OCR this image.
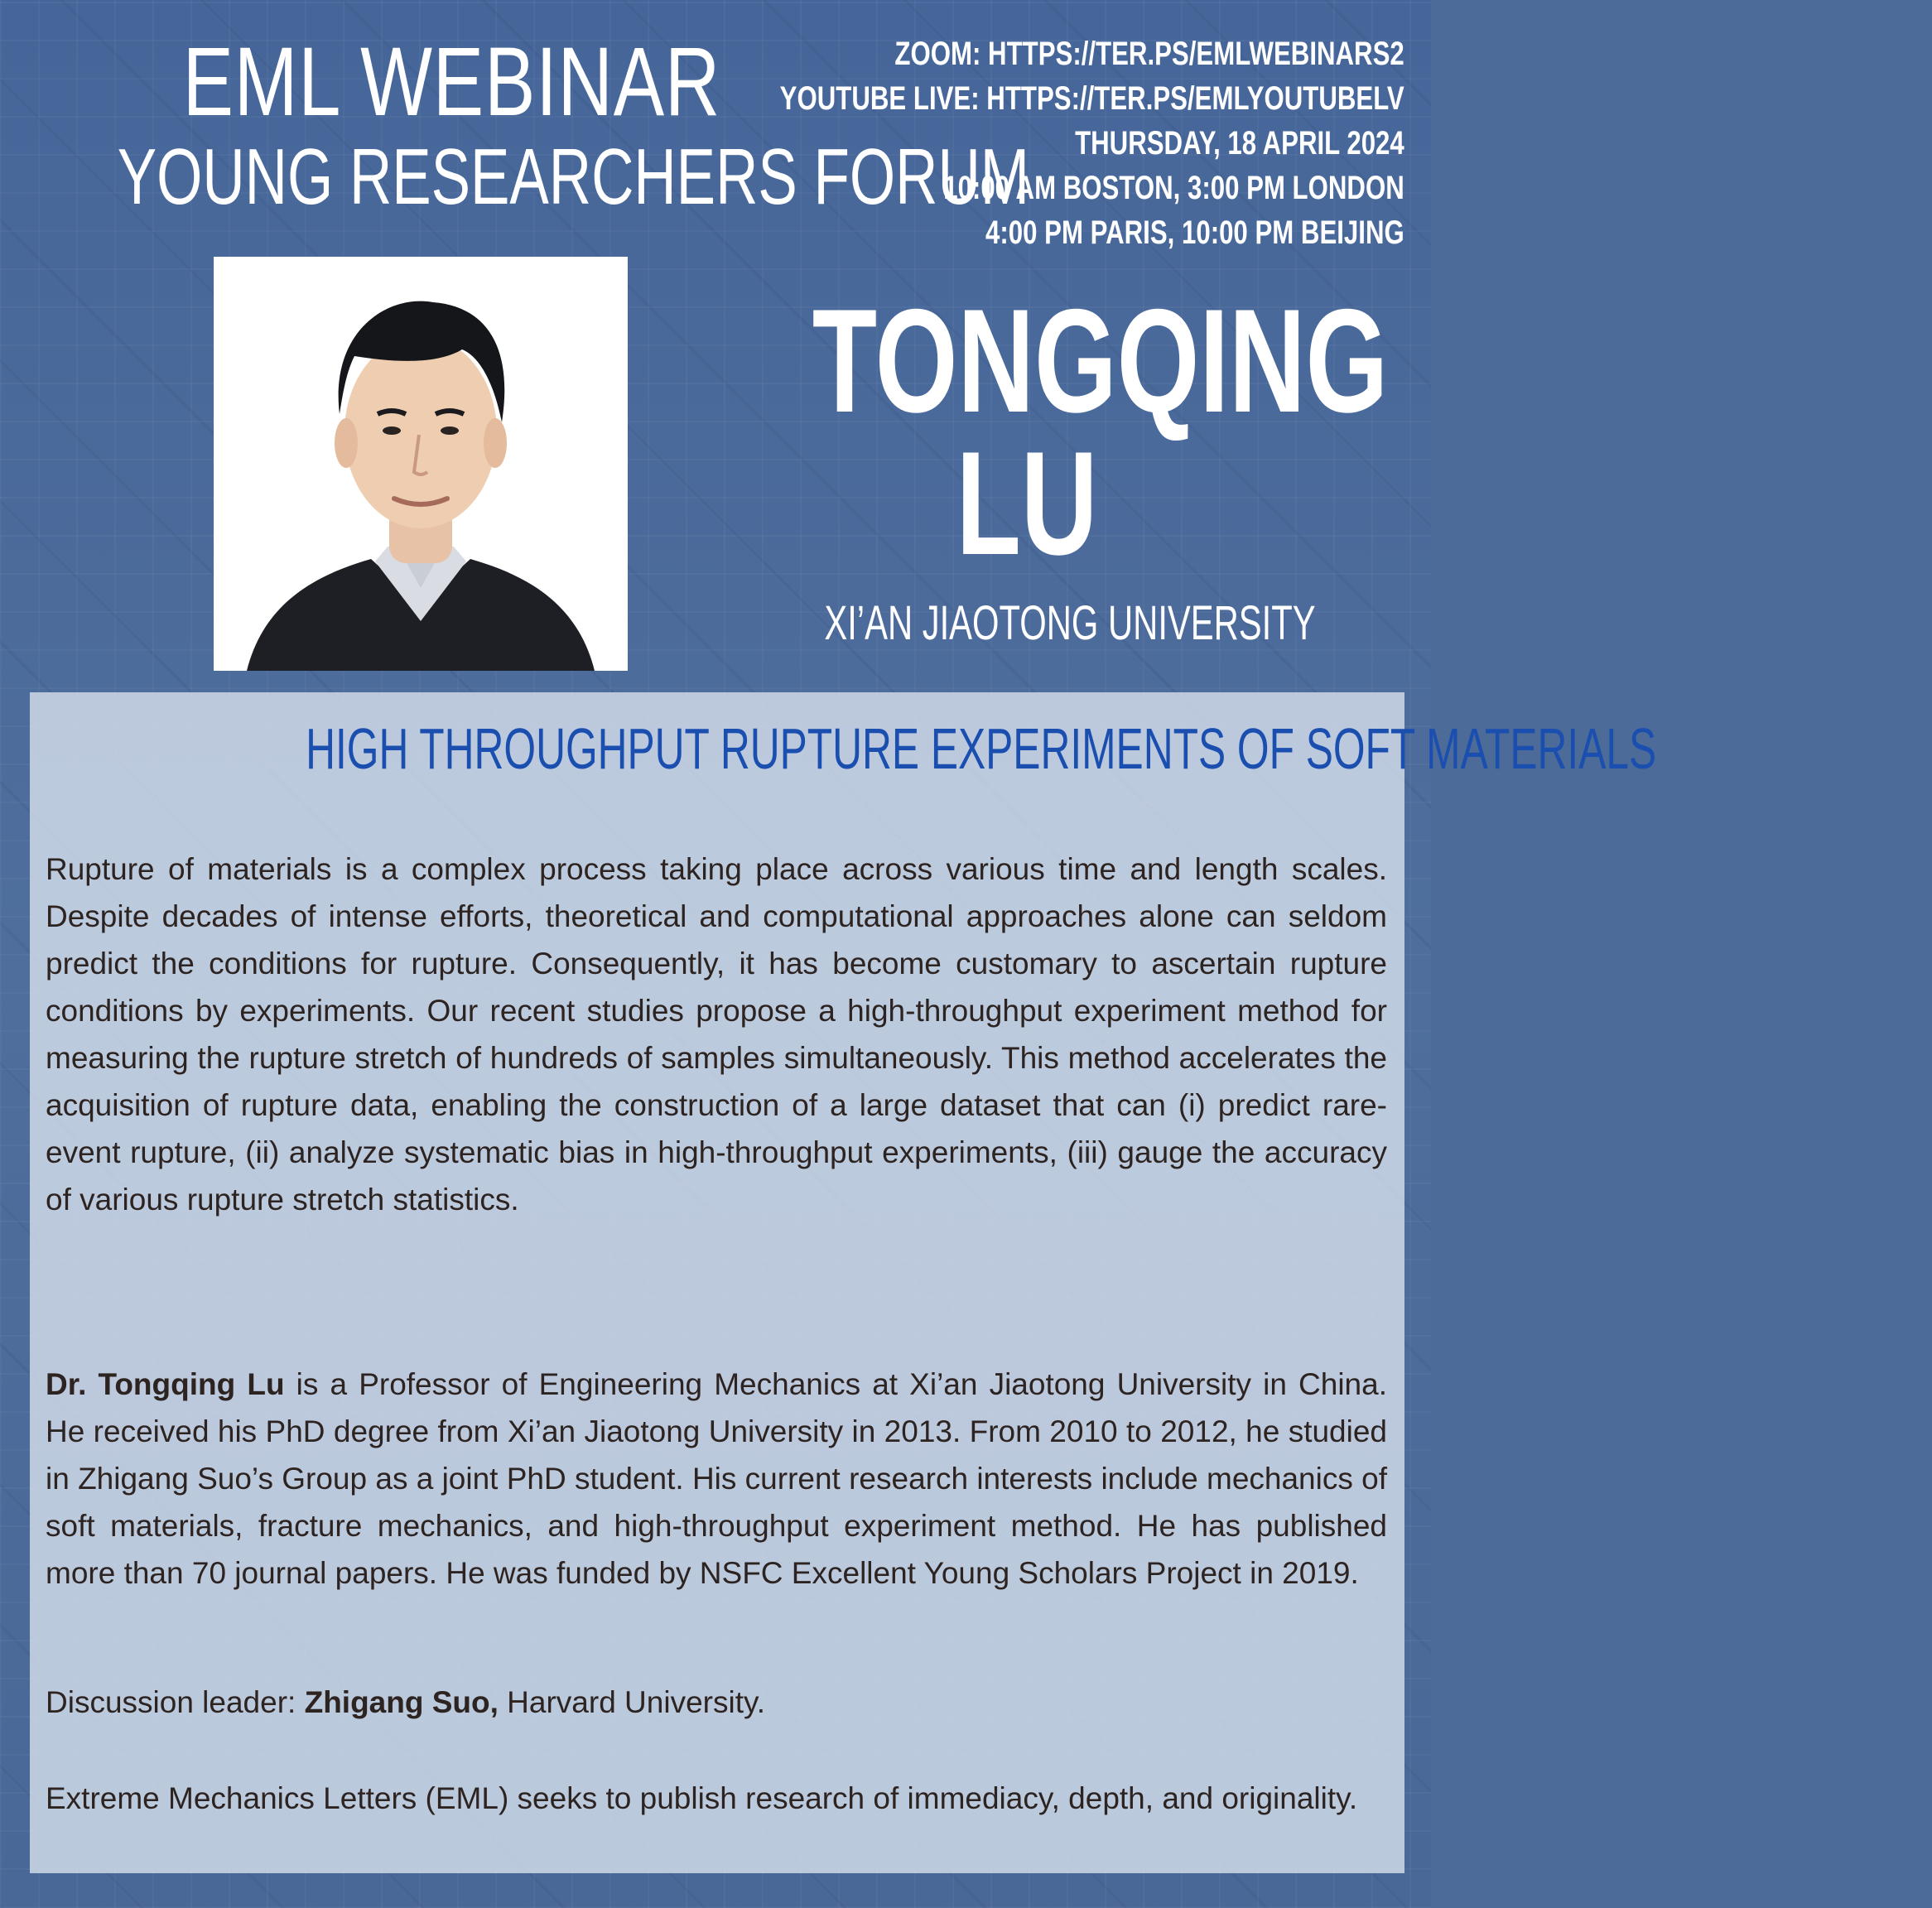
EML WEBINAR
YOUNG RESEARCHERS FORUM
ZOOM: HTTPS://TER.PS/EMLWEBINARS2
YOUTUBE LIVE: HTTPS://TER.PS/EMLYOUTUBELV
THURSDAY, 18 APRIL 2024
10:00 AM BOSTON, 3:00 PM LONDON
4:00 PM PARIS, 10:00 PM BEIJING
TONGQING
LU
XI’AN JIAOTONG UNIVERSITY
HIGH THROUGHPUT RUPTURE EXPERIMENTS OF SOFT MATERIALS

Rupture of materials is a complex process taking place across various time and length scales. Despite decades of intense efforts, theoretical and computational approaches alone can seldom predict the conditions for rupture. Consequently, it has become customary to ascertain rupture conditions by experiments. Our recent studies propose a high-throughput experiment method for measuring the rupture stretch of hundreds of samples simultaneously. This method accelerates the acquisition of rupture data, enabling the construction of a large dataset that can (i) predict rare-event rupture, (ii) analyze systematic bias in high-throughput experiments, (iii) gauge the accuracy of various rupture stretch statistics.

Dr. Tongqing Lu is a Professor of Engineering Mechanics at Xi’an Jiaotong University in China. He received his PhD degree from Xi’an Jiaotong University in 2013. From 2010 to 2012, he studied in Zhigang Suo’s Group as a joint PhD student. His current research interests include mechanics of soft materials, fracture mechanics, and high-throughput experiment method. He has published more than 70 journal papers. He was funded by NSFC Excellent Young Scholars Project in 2019.

Discussion leader: Zhigang Suo, Harvard University.

Extreme Mechanics Letters (EML) seeks to publish research of immediacy, depth, and originality.
